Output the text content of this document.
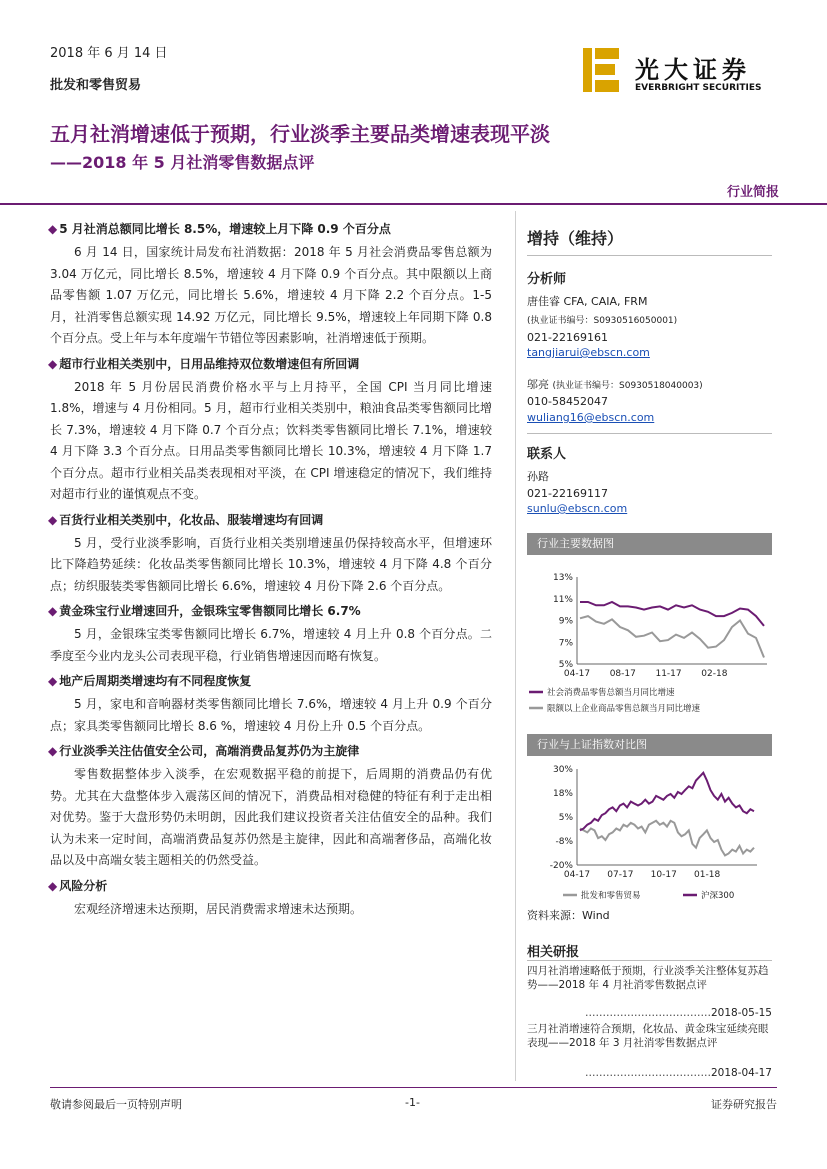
2018 年 6 月 14 日
批发和零售贸易
光大证券
EVERBRIGHT SECURITIES
五月社消增速低于预期，行业淡季主要品类增速表现平淡
——2018 年 5 月社消零售数据点评
行业简报
◆ 5 月社消总额同比增长 8.5%，增速较上月下降 0.9 个百分点

6 月 14 日，国家统计局发布社消数据：2018 年 5 月社会消费品零售总额为 3.04 万亿元，同比增长 8.5%，增速较 4 月下降 0.9 个百分点。其中限额以上商品零售额 1.07 万亿元，同比增长 5.6%，增速较 4 月下降 2.2 个百分点。1-5 月，社消零售总额实现 14.92 万亿元，同比增长 9.5%，增速较上年同期下降 0.8 个百分点。受上年与本年度端午节错位等因素影响，社消增速低于预期。

◆ 超市行业相关类别中，日用品维持双位数增速但有所回调

2018 年 5 月份居民消费价格水平与上月持平，全国 CPI 当月同比增速 1.8%，增速与 4 月份相同。5 月，超市行业相关类别中，粮油食品类零售额同比增长 7.3%，增速较 4 月下降 0.7 个百分点；饮料类零售额同比增长 7.1%，增速较 4 月下降 3.3 个百分点。日用品类零售额同比增长 10.3%，增速较 4 月下降 1.7 个百分点。超市行业相关品类表现相对平淡，在 CPI 增速稳定的情况下，我们维持对超市行业的谨慎观点不变。

◆ 百货行业相关类别中，化妆品、服装增速均有回调

5 月，受行业淡季影响，百货行业相关类别增速虽仍保持较高水平，但增速环比下降趋势延续：化妆品类零售额同比增长 10.3%，增速较 4 月下降 4.8 个百分点；纺织服装类零售额同比增长 6.6%，增速较 4 月份下降 2.6 个百分点。

◆ 黄金珠宝行业增速回升，金银珠宝零售额同比增长 6.7%

5 月，金银珠宝类零售额同比增长 6.7%，增速较 4 月上升 0.8 个百分点。二季度至今业内龙头公司表现平稳，行业销售增速因而略有恢复。

◆ 地产后周期类增速均有不同程度恢复

5 月，家电和音响器材类零售额同比增长 7.6%，增速较 4 月上升 0.9 个百分点；家具类零售额同比增长 8.6 %，增速较 4 月份上升 0.5 个百分点。

◆ 行业淡季关注估值安全公司，高端消费品复苏仍为主旋律

零售数据整体步入淡季，在宏观数据平稳的前提下，后周期的消费品仍有优势。尤其在大盘整体步入震荡区间的情况下，消费品相对稳健的特征有利于走出相对优势。鉴于大盘形势仍未明朗，因此我们建议投资者关注估值安全的品种。我们认为未来一定时间，高端消费品复苏仍然是主旋律，因此和高端奢侈品，高端化妆品以及中高端女装主题相关的仍然受益。

◆ 风险分析

宏观经济增速未达预期，居民消费需求增速未达预期。

增持（维持）
分析师
唐佳睿 CFA, CAIA, FRM
(执业证书编号：S0930516050001)
021-22169161
tangjiarui@ebscn.com
邬亮 (执业证书编号：S0930518040003)
010-58452047
wuliang16@ebscn.com
联系人
孙路
021-22169117
sunlu@ebscn.com
行业主要数据图
13%
11%
9%
7%
5%
04-17 08-17 11-17 02-18
社会消费品零售总额当月同比增速
限额以上企业商品零售总额当月同比增速
行业与上证指数对比图
30%
18%
5%
-8%
-20%
04-17 07-17 10-17 01-18
批发和零售贸易	沪深300
资料来源：Wind
相关研报
四月社消增速略低于预期，行业淡季关注整体复苏趋势——2018 年 4 月社消零售数据点评
………………………………2018-05-15
三月社消增速符合预期，化妆品、黄金珠宝延续亮眼表现——2018 年 3 月社消零售数据点评
………………………………2018-04-17
敬请参阅最后一页特别声明	-1-	证券研究报告
